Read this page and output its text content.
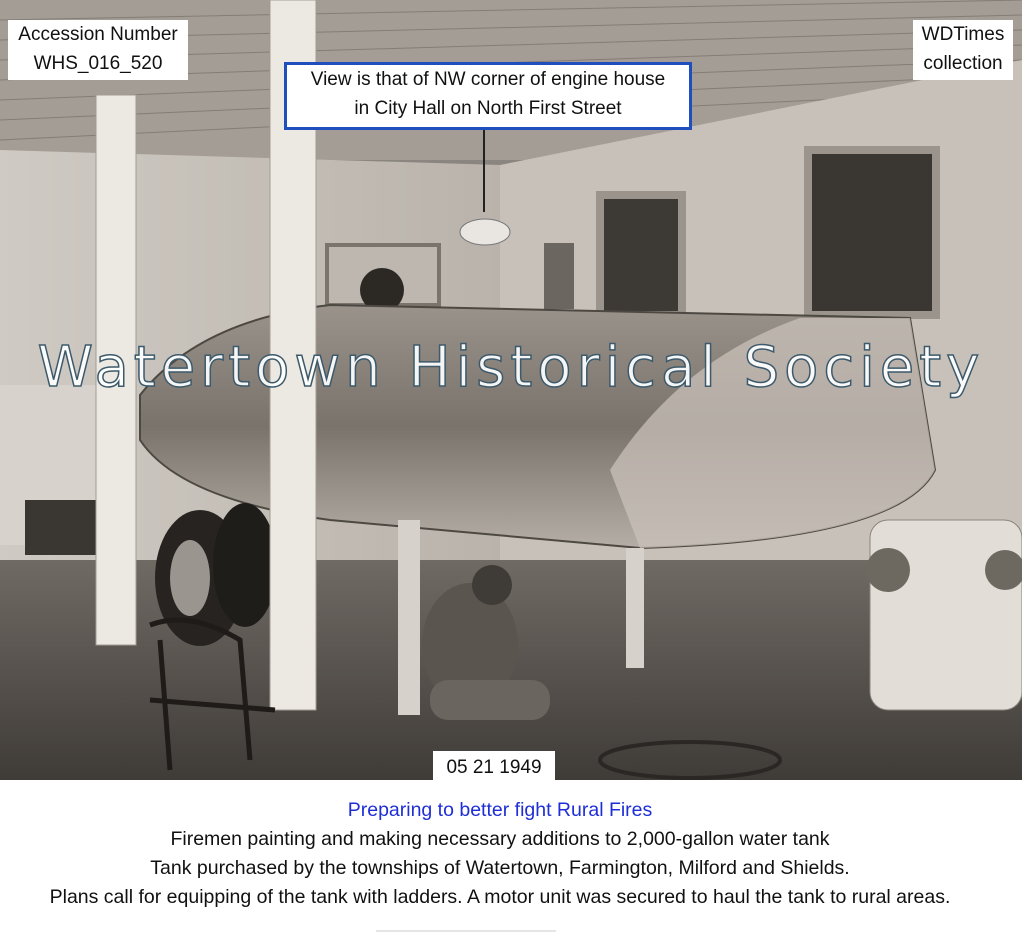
Watertown Historical Society
Accession Number
WHS_016_520
WDTimes
collection
View is that of NW corner of engine house
in City Hall on North First Street
05 21 1949
Preparing to better fight Rural Fires
Firemen painting and making necessary additions to 2,000-gallon water tank
Tank purchased by the townships of Watertown, Farmington, Milford and Shields.
Plans call for equipping of the tank with ladders. A motor unit was secured to haul the tank to rural areas.
